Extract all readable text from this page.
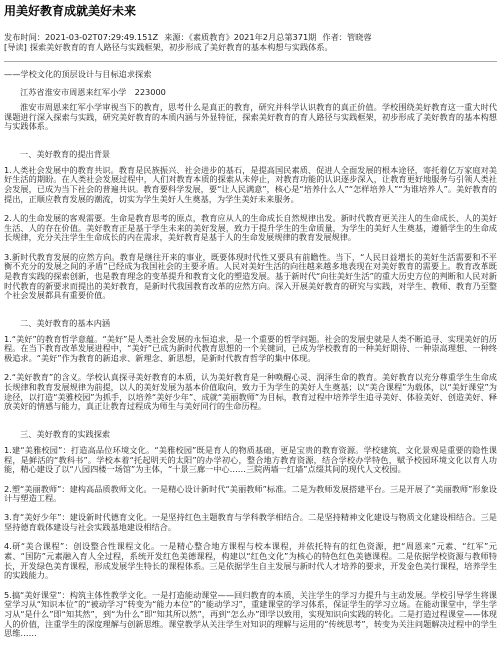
用美好教育成就美好未来
发布时间：2021-03-02T07:29:49.151Z 来源：《素质教育》2021年2月总第371期 作者：管晓蓉
[导读] 探索美好教育的育人路径与实践框架，初步形成了美好教育的基本构想与实践体系。
——学校文化的顶层设计与目标追求探索
江苏省淮安市周恩来红军小学　223000

淮安市周恩来红军小学审视当下的教育，思考什么是真正的教育，研究并科学认识教育的真正价值。学校围绕美好教育这一重大时代课题进行深入探索与实践，研究美好教育的本质内涵与外显特征，探索美好教育的育人路径与实践框架，初步形成了美好教育的基本构想与实践体系。

一、美好教育的提出背景

1.人类社会发展中的教育共识。教育是民族振兴、社会进步的基石，是提高国民素质、促进人全面发展的根本途径，寄托着亿万家庭对美好生活的期盼。在人类社会发展过程中，人们对教育本质的探索从未停止，对教育功能的认识逐步深入，让教育更好地服务与引领人类社会发展，已成为当下社会的普遍共识。教育要科学发展，要“让人民满意”，核心是“培养什么人”“怎样培养人”“为谁培养人”。美好教育的提出，正顺应教育发展的潮流，切实为学生美好人生奠基，为学生美好未来服务。

2.人的生命发展的客观需要。生命是教育思考的原点，教育应从人的生命成长自然规律出发。新时代教育更关注人的生命成长、人的美好生活、人的存在价值。美好教育正是基于学生未来的美好发展，致力于提升学生的生命质量，为学生的美好人生奠基，遵循学生的生命成长规律，充分关注学生生命成长的内在需求，美好教育是基于人的生命发展规律的教育发展规律。

3.新时代教育发展的应然方向。教育是继往开来的事业，既要体现时代性又要具有前瞻性。当下，“人民日益增长的美好生活需要和不平衡不充分的发展之间的矛盾”已经成为我国社会的主要矛盾。人民对美好生活的向往越来越多地表现在对美好教育的需要上。教育改革既是教育实践的探索创新，也是教育理念的变革提升和教育文化的塑造发展。基于新时代“向往美好生活”的重大历史方位的判断和人民对新时代教育的新要求而提出的美好教育，是新时代我国教育改革的应然方向。深入开展美好教育的研究与实践，对学生、教师、教育乃至整个社会发展都具有重要价值。

二、美好教育的基本内涵

1.“美好”的教育哲学意蕴。“美好”是人类社会发展的永恒追求，是一个重要的哲学问题。社会的发展史就是人类不断追寻、实现美好的历程。在当下教育改革发展进程中，“美好”已成为新时代教育思想的一个关键词，已成为学校教育的一种美好期待、一种崇高理想、一种终极追求。“美好”作为教育的新追求、新理念、新思想，是新时代教育哲学的集中体现。

2.“美好教育”的含义。学校认真探寻美好教育的本质，认为美好教育是一种唤醒心灵、润泽生命的教育。美好教育以充分尊重学生生命成长规律和教育发展规律为前提，以人的美好发展为基本价值取向，致力于为学生的美好人生奠基；以“美合课程”为载体，以“美好课堂”为途径，以打造“美雅校园”为抓手，以培养“美好少年”、成就“美丽教师”为目标，教育过程中培养学生追寻美好、体验美好、创造美好、释放美好的情感与能力，真正让教育过程成为师生与美好同行的生命历程。

三、美好教育的实践探索

1.建“美雅校园”：打造高品位环境文化。“美雅校园”既是育人的物质基础，更是宝贵的教育资源。学校建筑、文化景观是重要的隐性课程，是鲜活的“教科书”。学校本着“托起明天的太阳”的办学初心，整合地方教育资源，结合学校办学特色，赋予校园环境文化以育人功能，精心建设了以“八园四楼一场馆”为主体，“十景三廊一中心……三院两墙一红墙”点缀其间的现代人文校园。

2.塑“美丽教师”：建构高品质教师文化。一是精心设计新时代“美丽教师”标准。二是为教师发展搭建平台。三是开展了“美丽教师”形象设计与塑造工程。

3.育“美好少年”：建设新时代德育文化。一是坚持红色主题教育与学科教学相结合。二是坚持精神文化建设与物质文化建设相结合。三是坚持德育载体建设与社会实践基地建设相结合。

4.研“美合课程”：创设整合性课程文化。一是精心整合地方课程与校本课程，并依托特有的红色资源，把“周恩来”元素、“红军”元素、“国防”元素融入育人全过程，系统开发红色美德课程，构建以“红色文化”为核心的特色红色美德课程。二是依据学校资源与教师特长，开发绿色美育课程，形成发展学生特长的课程体系。三是依据学生自主发展与新时代人才培养的要求，开发金色美行课程，培养学生的实践能力。

5.搞“美好课堂”：构筑主体性教学文化。一是打造能动课堂——回归教育的本质，关注学生的学习力提升与主动发展。学校引导学生将课堂学习从“知识本位”的“被动学习”转变为“能力本位”的“能动学习”，重建课堂的学习体系，保证学生的学习立场。在能动课堂中，学生学习从“是什么”即“知其然”，到“为什么”即“知其所以然”，再到“怎么办”即学以致用，实现知识向实践的转化。二是打造过程课堂——体现人的价值，注重学生的深度理解与创新思维。课堂教学从关注学生对知识的理解与运用的“传统思考”，转变为关注问题解决过程中的学生思维……
